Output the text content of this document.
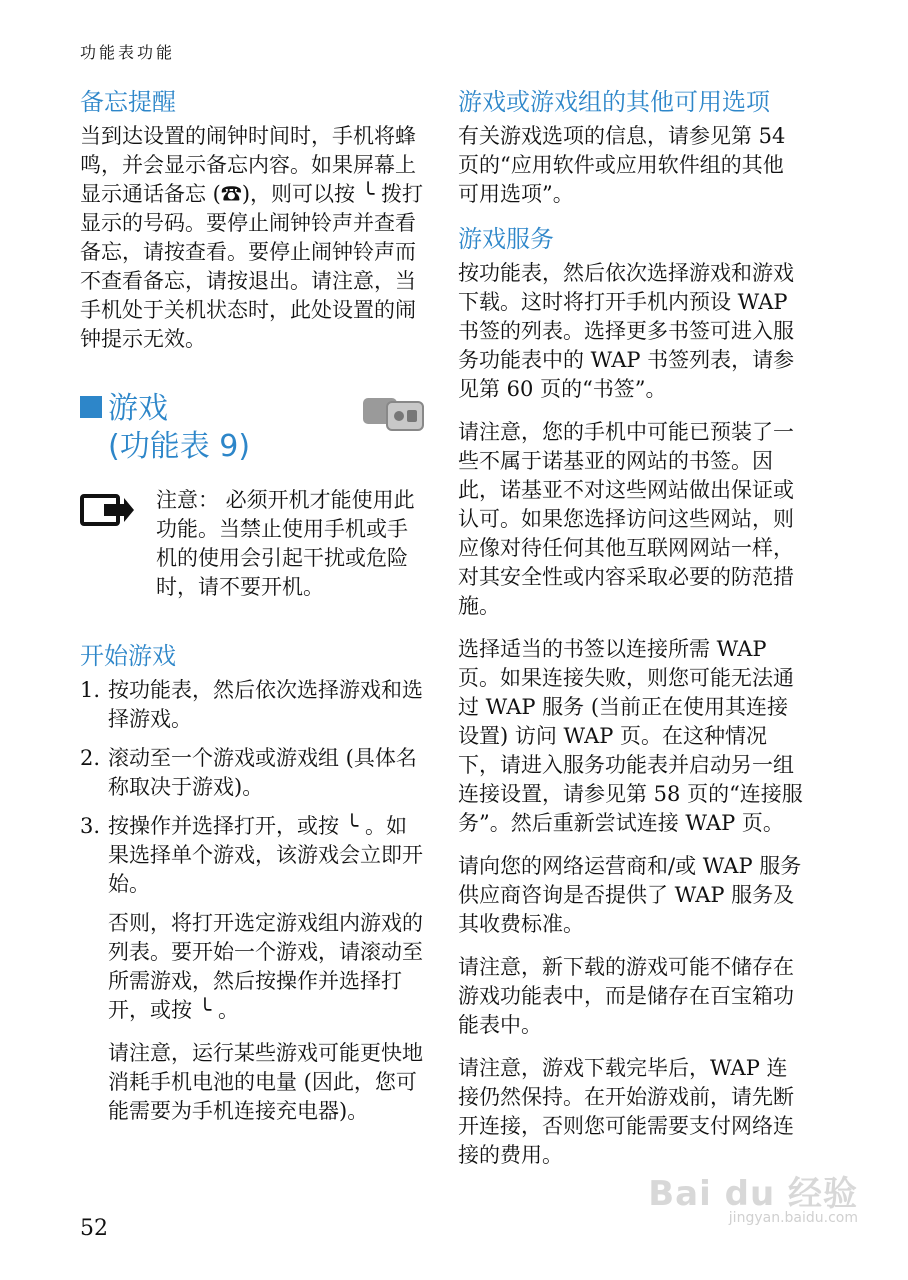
功能表功能
备忘提醒

当到达设置的闹钟时间时，手机将蜂鸣，并会显示备忘内容。如果屏幕上显示通话备忘 (☎)，则可以按 ╰ 拨打显示的号码。要停止闹钟铃声并查看备忘，请按查看。要停止闹钟铃声而不查看备忘，请按退出。请注意，当手机处于关机状态时，此处设置的闹钟提示无效。

游戏
(功能表 9)

注意： 必须开机才能使用此功能。当禁止使用手机或手机的使用会引起干扰或危险时，请不要开机。

开始游戏
1. 按功能表，然后依次选择游戏和选择游戏。

2. 滚动至一个游戏或游戏组 (具体名称取决于游戏)。

3. 按操作并选择打开，或按 ╰ 。如果选择单个游戏，该游戏会立即开始。

否则，将打开选定游戏组内游戏的列表。要开始一个游戏，请滚动至所需游戏，然后按操作并选择打开，或按 ╰ 。

请注意，运行某些游戏可能更快地消耗手机电池的电量 (因此，您可能需要为手机连接充电器)。

游戏或游戏组的其他可用选项

有关游戏选项的信息，请参见第 54 页的“应用软件或应用软件组的其他可用选项”。

游戏服务

按功能表，然后依次选择游戏和游戏下载。这时将打开手机内预设 WAP 书签的列表。选择更多书签可进入服务功能表中的 WAP 书签列表，请参见第 60 页的“书签”。

请注意，您的手机中可能已预装了一些不属于诺基亚的网站的书签。因此，诺基亚不对这些网站做出保证或认可。如果您选择访问这些网站，则应像对待任何其他互联网网站一样，对其安全性或内容采取必要的防范措施。

选择适当的书签以连接所需 WAP 页。如果连接失败，则您可能无法通过 WAP 服务 (当前正在使用其连接设置) 访问 WAP 页。在这种情况下，请进入服务功能表并启动另一组连接设置，请参见第 58 页的“连接服务”。然后重新尝试连接 WAP 页。

请向您的网络运营商和/或 WAP 服务供应商咨询是否提供了 WAP 服务及其收费标准。

请注意，新下载的游戏可能不储存在游戏功能表中，而是储存在百宝箱功能表中。

请注意，游戏下载完毕后，WAP 连接仍然保持。在开始游戏前，请先断开连接，否则您可能需要支付网络连接的费用。

52
Bai du 经验
jingyan.baidu.com
